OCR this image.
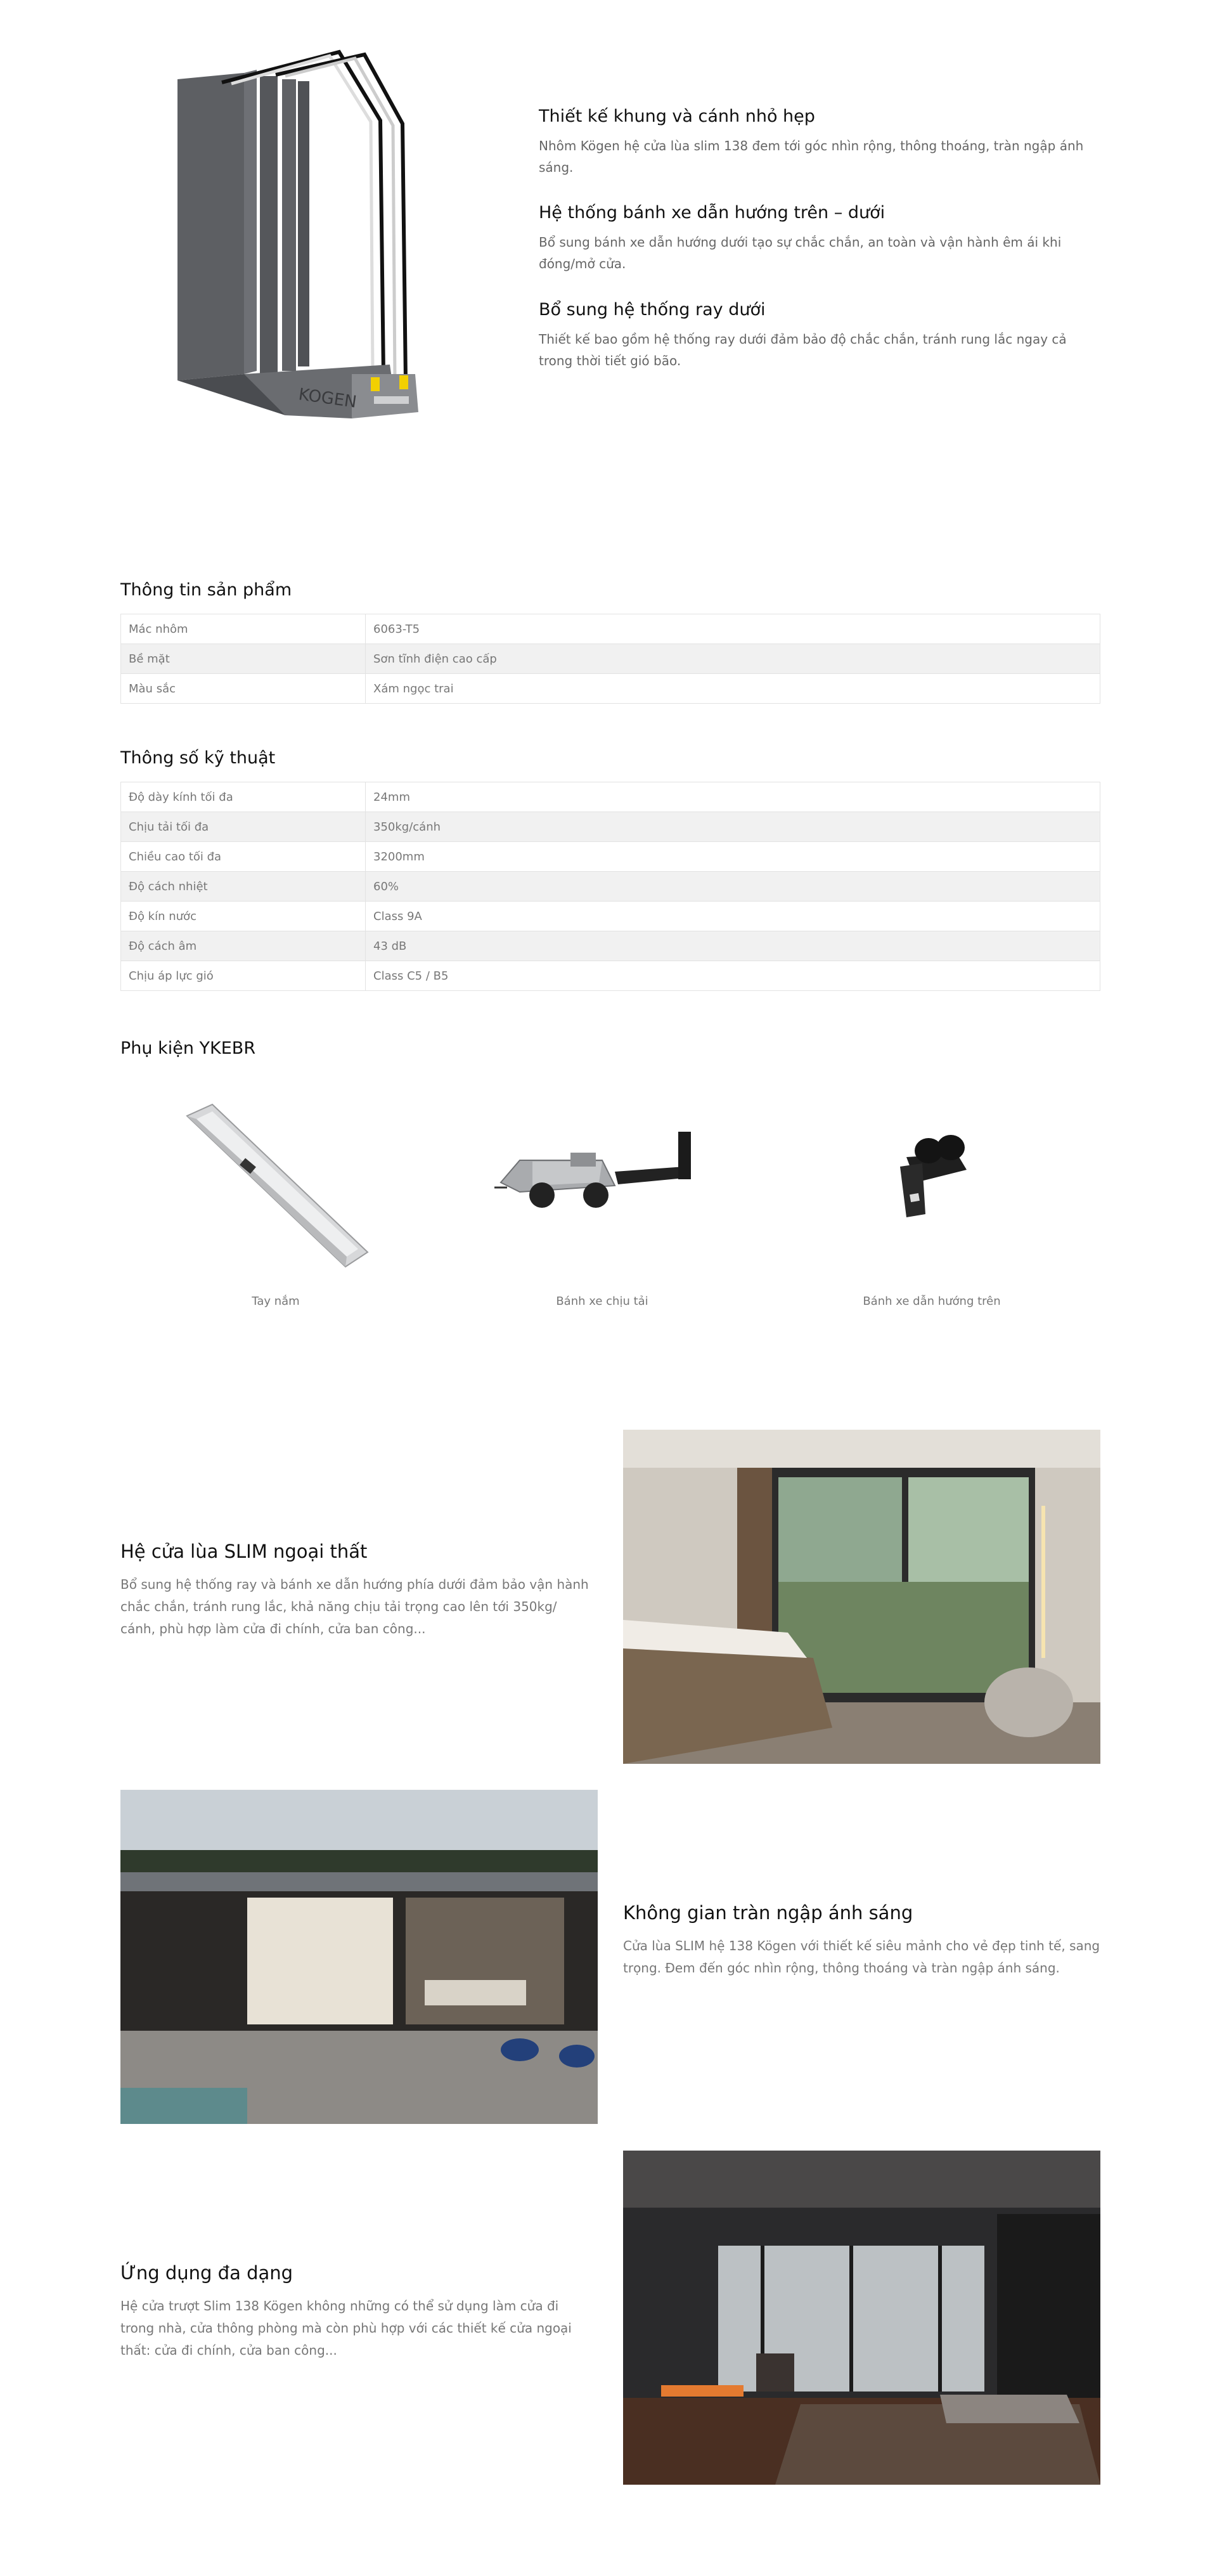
KOGEN
Thiết kế khung và cánh nhỏ hẹp

Nhôm Kögen hệ cửa lùa slim 138 đem tới góc nhìn rộng, thông thoáng, tràn ngập ánh sáng.

Hệ thống bánh xe dẫn hướng trên – dưới

Bổ sung bánh xe dẫn hướng dưới tạo sự chắc chắn, an toàn và vận hành êm ái khi đóng/mở cửa.

Bổ sung hệ thống ray dưới

Thiết kế bao gồm hệ thống ray dưới đảm bảo độ chắc chắn, tránh rung lắc ngay cả trong thời tiết gió bão.

Thông tin sản phẩm
Mác nhôm	6063-T5
Bề mặt	Sơn tĩnh điện cao cấp
Màu sắc	Xám ngọc trai
Thông số kỹ thuật
Độ dày kính tối đa	24mm
Chịu tải tối đa	350kg/cánh
Chiều cao tối đa	3200mm
Độ cách nhiệt	60%
Độ kín nước	Class 9A
Độ cách âm	43 dB
Chịu áp lực gió	Class C5 / B5
Phụ kiện YKEBR
Tay nắm	Bánh xe chịu tải	Bánh xe dẫn hướng trên
Hệ cửa lùa SLIM ngoại thất

Bổ sung hệ thống ray và bánh xe dẫn hướng phía dưới đảm bảo vận hành chắc chắn, tránh rung lắc, khả năng chịu tải trọng cao lên tới 350kg/ cánh, phù hợp làm cửa đi chính, cửa ban công...

Không gian tràn ngập ánh sáng

Cửa lùa SLIM hệ 138 Kögen với thiết kế siêu mảnh cho vẻ đẹp tinh tế, sang trọng. Đem đến góc nhìn rộng, thông thoáng và tràn ngập ánh sáng.

Ứng dụng đa dạng

Hệ cửa trượt Slim 138 Kögen không những có thể sử dụng làm cửa đi trong nhà, cửa thông phòng mà còn phù hợp với các thiết kế cửa ngoại thất: cửa đi chính, cửa ban công...
